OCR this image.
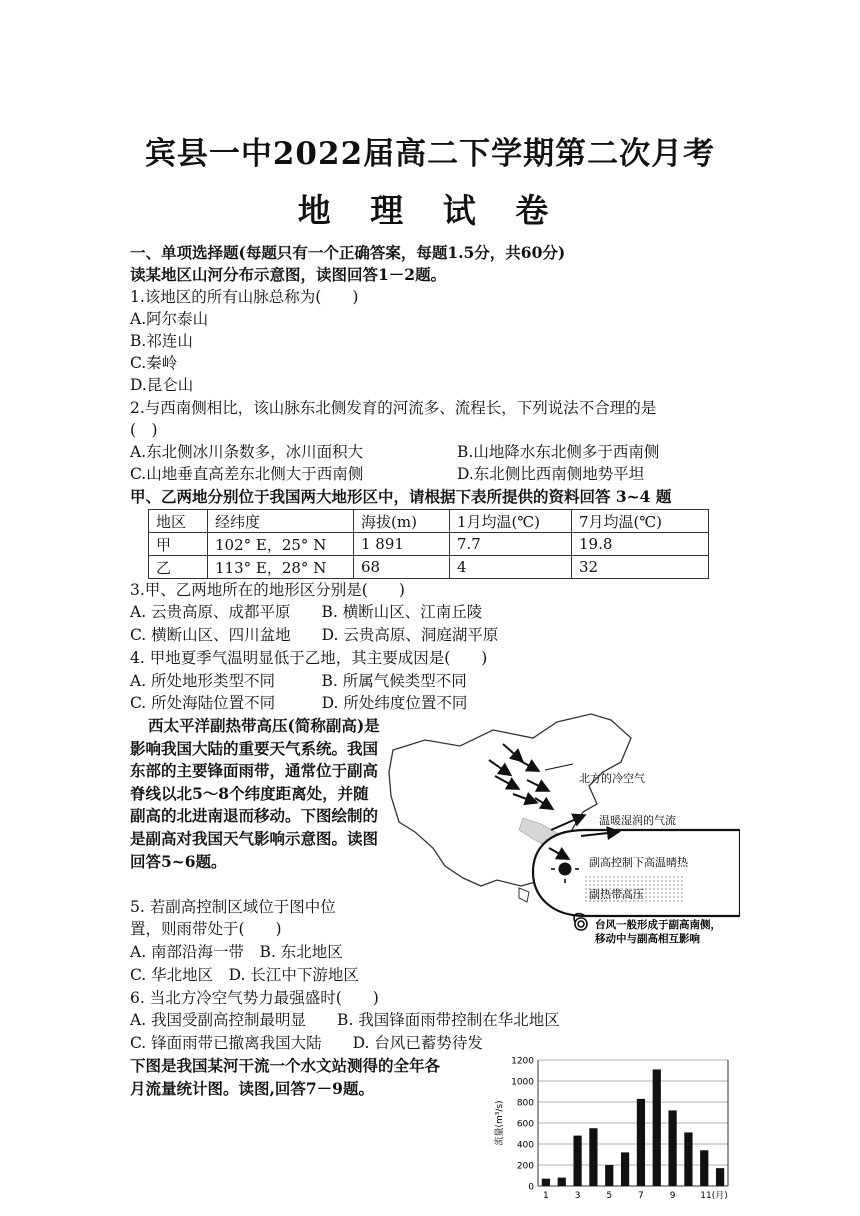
宾县一中2022届高二下学期第二次月考
地 理 试 卷
一、单项选择题(每题只有一个正确答案，每题1.5分，共60分)
读某地区山河分布示意图，读图回答1－2题。
1.该地区的所有山脉总称为(　　)
A.阿尔泰山
B.祁连山
C.秦岭
D.昆仑山
2.与西南侧相比，该山脉东北侧发育的河流多、流程长，下列说法不合理的是
(　)
A.东北侧冰川条数多，冰川面积大	B.山地降水东北侧多于西南侧
C.山地垂直高差东北侧大于西南侧	D.东北侧比西南侧地势平坦
甲、乙两地分别位于我国两大地形区中，请根据下表所提供的资料回答 3~4 题
地区	经纬度	海拔(m)	1月均温(℃)	7月均温(℃)
甲	102° E，25° N	1 891	7.7	19.8
乙	113° E，28° N	68	4	32
3.甲、乙两地所在的地形区分别是(　　)
A. 云贵高原、成都平原　　B. 横断山区、江南丘陵
C. 横断山区、四川盆地　　D. 云贵高原、洞庭湖平原
4. 甲地夏季气温明显低于乙地，其主要成因是(　　)
A. 所处地形类型不同　　　B. 所属气候类型不同
C. 所处海陆位置不同　　　D. 所处纬度位置不同
西太平洋副热带高压(简称副高)是影响我国大陆的重要天气系统。我国东部的主要锋面雨带，通常位于副高脊线以北5～8个纬度距离处，并随副高的北进南退而移动。下图绘制的是副高对我国天气影响示意图。读图回答5~6题。
5. 若副高控制区域位于图中位
置，则雨带处于(　　)
A. 南部沿海一带　B. 东北地区
C. 华北地区　D. 长江中下游地区
6. 当北方冷空气势力最强盛时(　　)
A. 我国受副高控制最明显　　B. 我国锋面雨带控制在华北地区
C. 锋面雨带已撤离我国大陆　　D. 台风已蓄势待发
下图是我国某河干流一个水文站测得的全年各
月流量统计图。读图,回答7－9题。
北方的冷空气
温暖湿润的气流
副高控制下高温晴热
副热带高压
台风一般形成于副高南侧，
移动中与副高相互影响
0
200
400
600
800
1000
1200
1	3	5	7	9	11(月)
流量(m³/s)
